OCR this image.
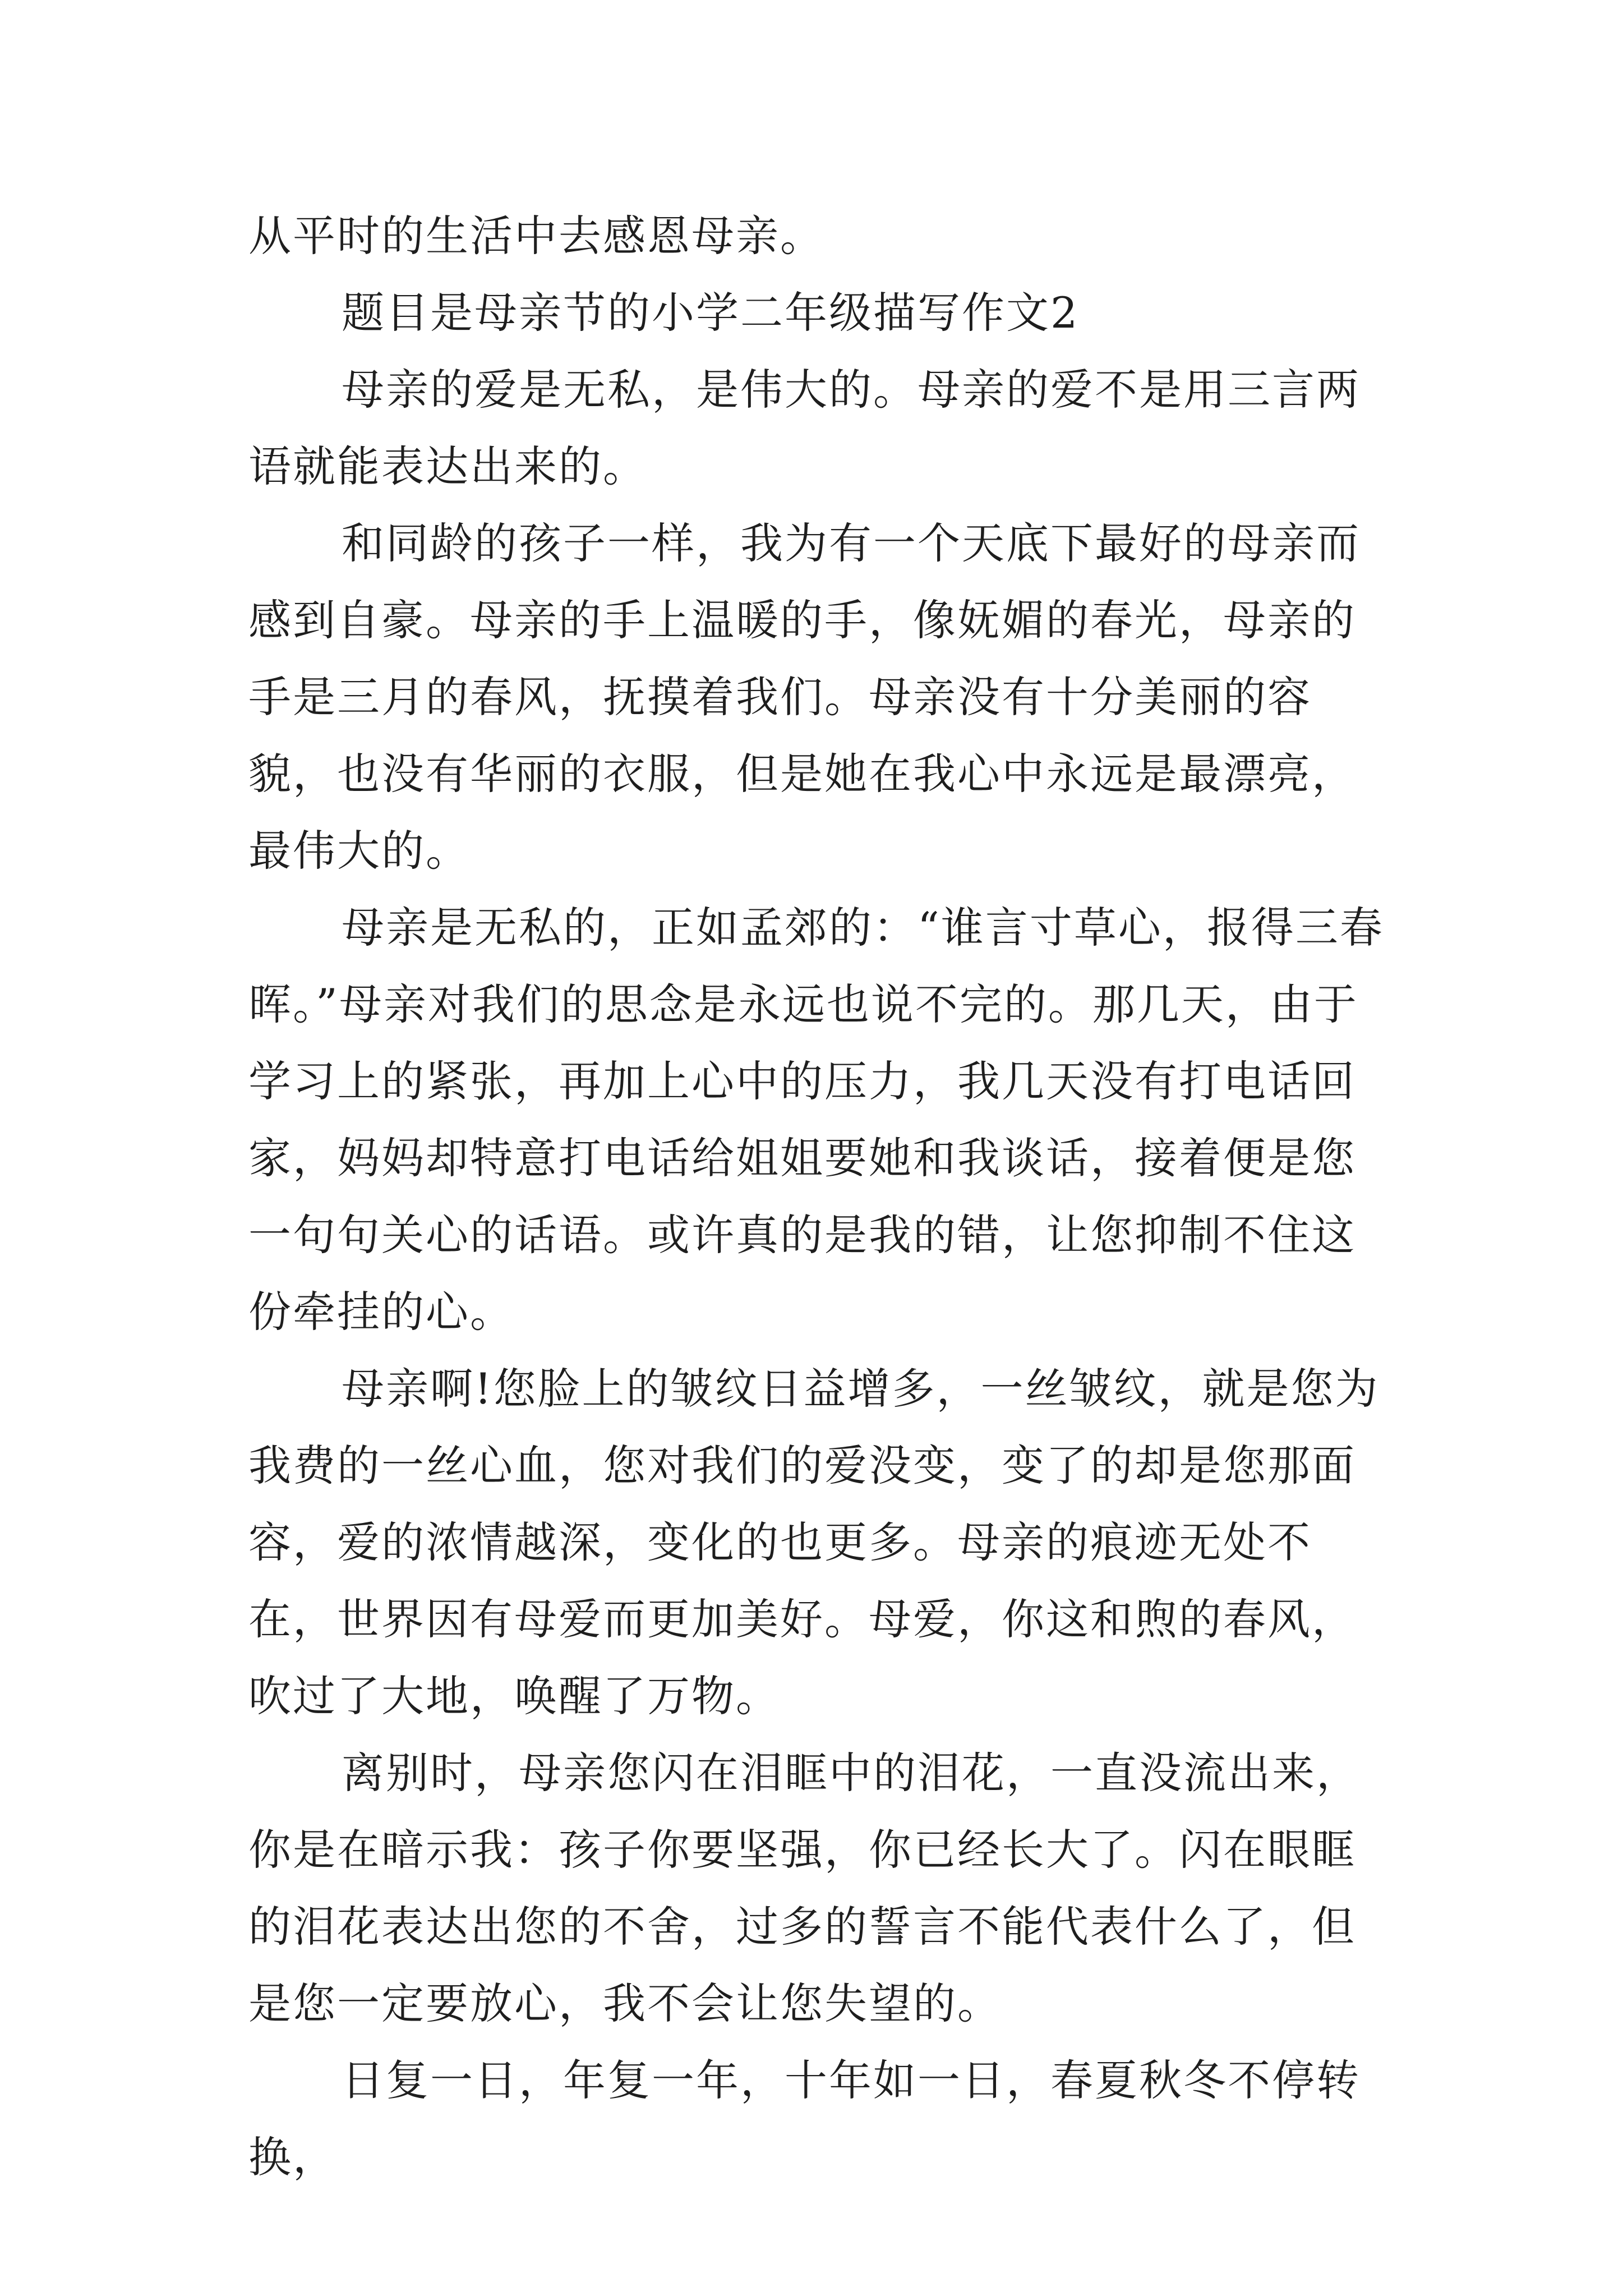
从平时的生活中去感恩母亲。

题目是母亲节的小学二年级描写作文2

母亲的爱是无私，是伟大的。母亲的爱不是用三言两语就能表达出来的。

和同龄的孩子一样，我为有一个天底下最好的母亲而感到自豪。母亲的手上温暖的手，像妩媚的春光，母亲的手是三月的春风，抚摸着我们。母亲没有十分美丽的容貌，也没有华丽的衣服，但是她在我心中永远是最漂亮，最伟大的。

母亲是无私的，正如孟郊的：“谁言寸草心，报得三春晖。”母亲对我们的思念是永远也说不完的。那几天，由于学习上的紧张，再加上心中的压力，我几天没有打电话回家，妈妈却特意打电话给姐姐要她和我谈话，接着便是您一句句关心的话语。或许真的是我的错，让您抑制不住这份牵挂的心。

母亲啊!您脸上的皱纹日益增多，一丝皱纹，就是您为我费的一丝心血，您对我们的爱没变，变了的却是您那面容，爱的浓情越深，变化的也更多。母亲的痕迹无处不在，世界因有母爱而更加美好。母爱，你这和煦的春风，吹过了大地，唤醒了万物。

离别时，母亲您闪在泪眶中的泪花，一直没流出来，你是在暗示我：孩子你要坚强，你已经长大了。闪在眼眶的泪花表达出您的不舍，过多的誓言不能代表什么了，但是您一定要放心，我不会让您失望的。

日复一日，年复一年，十年如一日，春夏秋冬不停转换，
